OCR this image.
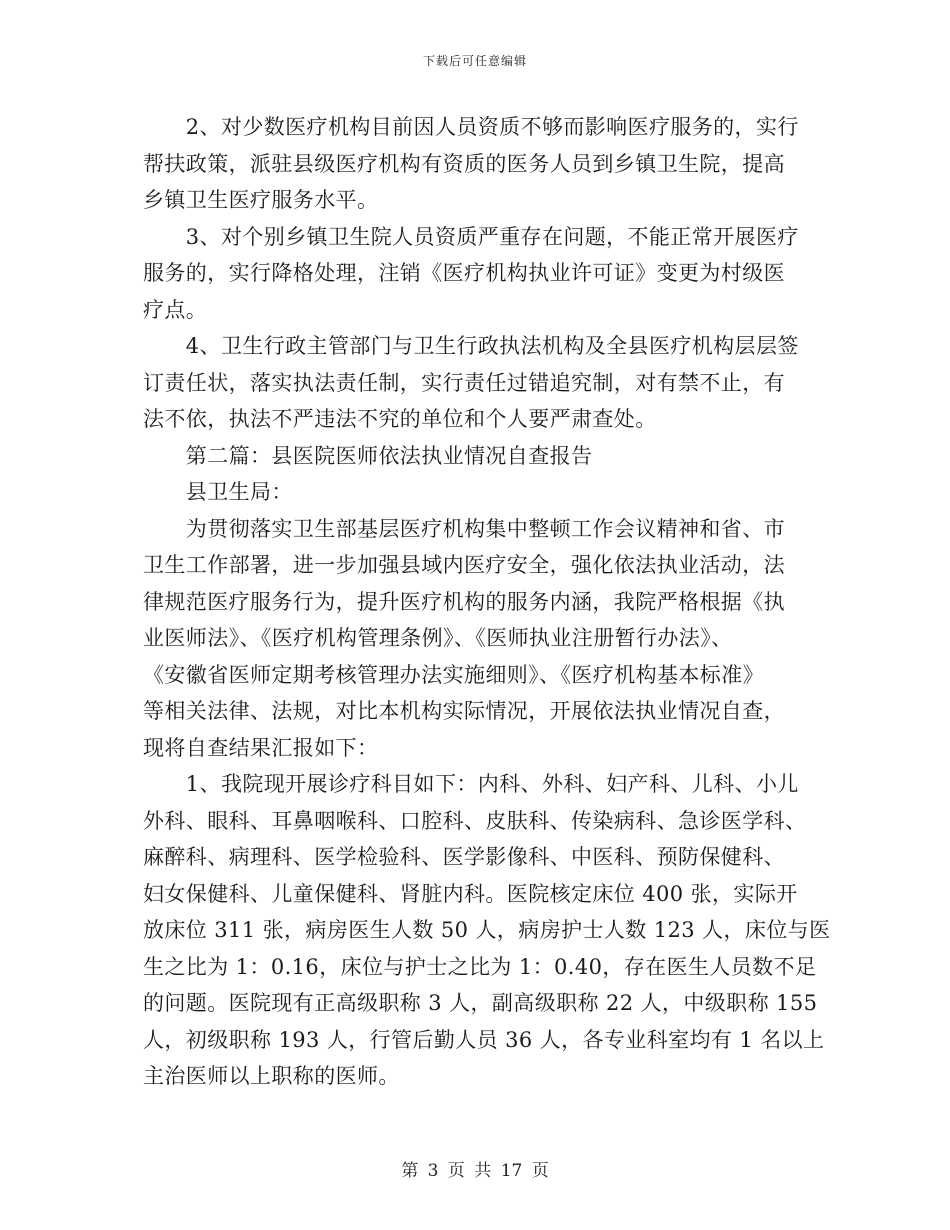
下载后可任意编辑
　　2、对少数医疗机构目前因人员资质不够而影响医疗服务的，实行
帮扶政策，派驻县级医疗机构有资质的医务人员到乡镇卫生院，提高
乡镇卫生医疗服务水平。
　　3、对个别乡镇卫生院人员资质严重存在问题，不能正常开展医疗
服务的，实行降格处理，注销《医疗机构执业许可证》变更为村级医
疗点。
　　4、卫生行政主管部门与卫生行政执法机构及全县医疗机构层层签
订责任状，落实执法责任制，实行责任过错追究制，对有禁不止，有
法不依，执法不严违法不究的单位和个人要严肃查处。
　　第二篇：县医院医师依法执业情况自查报告
　　县卫生局：
　　为贯彻落实卫生部基层医疗机构集中整顿工作会议精神和省、市
卫生工作部署，进一步加强县域内医疗安全，强化依法执业活动，法
律规范医疗服务行为，提升医疗机构的服务内涵，我院严格根据《执
业医师法》、《医疗机构管理条例》、《医师执业注册暂行办法》、
《安徽省医师定期考核管理办法实施细则》、《医疗机构基本标准》
等相关法律、法规，对比本机构实际情况，开展依法执业情况自查，
现将自查结果汇报如下：
　　1、我院现开展诊疗科目如下：内科、外科、妇产科、儿科、小儿
外科、眼科、耳鼻咽喉科、口腔科、皮肤科、传染病科、急诊医学科、
麻醉科、病理科、医学检验科、医学影像科、中医科、预防保健科、
妇女保健科、儿童保健科、肾脏内科。医院核定床位 400 张，实际开
放床位 311 张，病房医生人数 50 人，病房护士人数 123 人，床位与医
生之比为 1：0.16，床位与护士之比为 1：0.40，存在医生人员数不足
的问题。医院现有正高级职称 3 人，副高级职称 22 人，中级职称 155
人，初级职称 193 人，行管后勤人员 36 人，各专业科室均有 1 名以上
主治医师以上职称的医师。
第 3 页 共 17 页
